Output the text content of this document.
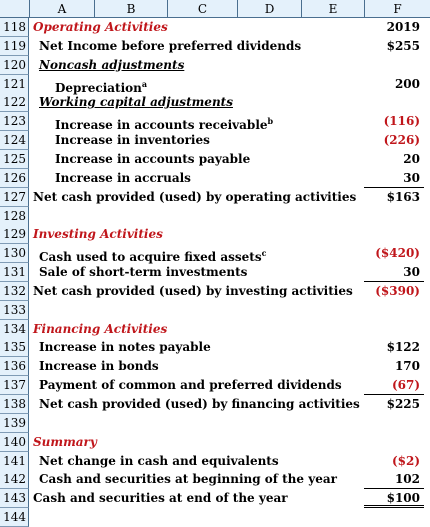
A	B	C	D	E	F
118 Operating Activities	2019
119 Net Income before preferred dividends	$255
120 Noncash adjustments
121 Depreciation$^a$	200
122 Working capital adjustments
123 Increase in accounts receivable$^b$	(116)
124 Increase in inventories	(226)
125 Increase in accounts payable	20
126 Increase in accruals	30
127 Net cash provided (used) by operating activities	$163
128
129 Investing Activities
130 Cash used to acquire fixed assets$^c$	($420)
131 Sale of short-term investments	30
132 Net cash provided (used) by investing activities ($390)
133
134 Financing Activities
135 Increase in notes payable	$122
136 Increase in bonds	170
137 Payment of common and preferred dividends	(67)
138 Net cash provided (used) by financing activities $225
139
140 Summary
141 Net change in cash and equivalents	($2)
142 Cash and securities at beginning of the year	102
143 Cash and securities at end of the year	$100
144
